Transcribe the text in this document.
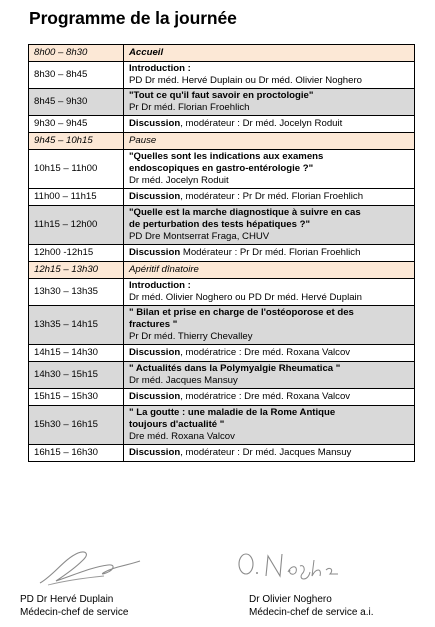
Programme de la journée
8h00 – 8h30	Accueil

8h30 – 8h45	Introduction :
PD Dr méd. Hervé Duplain ou Dr méd. Olivier Noghero

8h45 – 9h30	"Tout ce qu'il faut savoir en proctologie"
Pr Dr méd. Florian Froehlich

9h30 – 9h45	Discussion, modérateur : Dr méd. Jocelyn Roduit

9h45 – 10h15	Pause

10h15 – 11h00	"Quelles sont les indications aux examens
endoscopiques en gastro-entérologie ?"
Dr méd. Jocelyn Roduit

11h00 – 11h15	Discussion, modérateur : Pr Dr méd. Florian Froehlich

11h15 – 12h00	"Quelle est la marche diagnostique à suivre en cas
de perturbation des tests hépatiques ?"
PD Dre Montserrat Fraga, CHUV

12h00 -12h15	Discussion Modérateur : Pr Dr méd. Florian Froehlich

12h15 – 13h30	Apéritif dînatoire

13h30 – 13h35	Introduction :
Dr méd. Olivier Noghero ou PD Dr méd. Hervé Duplain

13h35 – 14h15	" Bilan et prise en charge de l'ostéoporose et des
fractures "
Pr Dr méd. Thierry Chevalley

14h15 – 14h30	Discussion, modératrice : Dre méd. Roxana Valcov

14h30 – 15h15	" Actualités dans la Polymyalgie Rheumatica "
Dr méd. Jacques Mansuy

15h15 – 15h30	Discussion, modératrice : Dre méd. Roxana Valcov

15h30 – 16h15	" La goutte : une maladie de la Rome Antique
toujours d'actualité "
Dre méd. Roxana Valcov

16h15 – 16h30	Discussion, modérateur : Dr méd. Jacques Mansuy
PD Dr Hervé Duplain
Médecin-chef de service
Dr Olivier Noghero
Médecin-chef de service a.i.
